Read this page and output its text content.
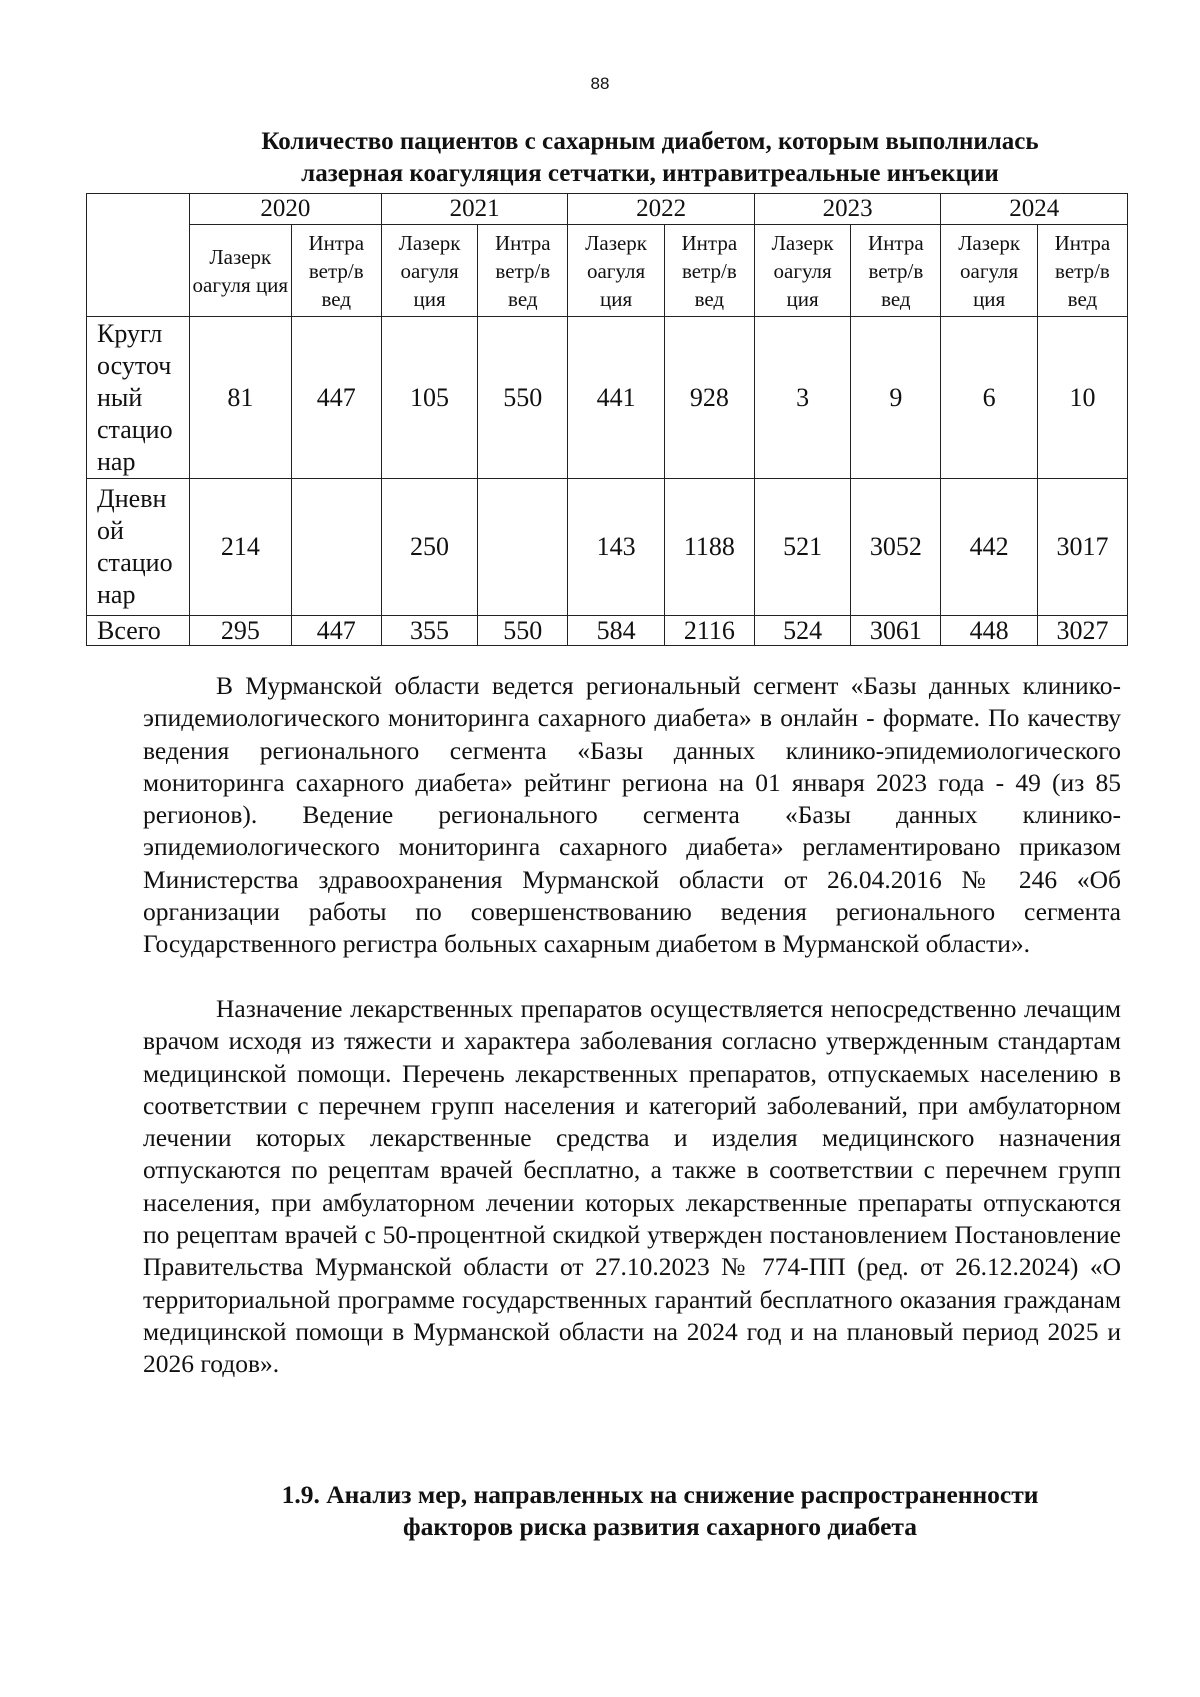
88
Количество пациентов с сахарным диабетом, которым выполнилась
лазерная коагуляция сетчатки, интравитреальные инъекции
	2020		2021		2022		2023		2024	
	Лазерк оагуля ция	Интра ветр/в вед	Лазерк оагуля ция	Интра ветр/в вед	Лазерк оагуля ция	Интра ветр/в вед	Лазерк оагуля ция	Интра ветр/в вед	Лазерк оагуля ция	Интра ветр/в вед
Кругл осуточ ный стацио нар	81	447	105	550	441	928	3	9	6	10
Дневн ой стацио нар	214		250		143	1188	521	3052	442	3017
Всего	295	447	355	550	584	2116	524	3061	448	3027

В Мурманской области ведется региональный сегмент «Базы данных клинико-эпидемиологического мониторинга сахарного диабета» в онлайн - формате. По качеству ведения регионального сегмента «Базы данных клинико-эпидемиологического мониторинга сахарного диабета» рейтинг региона на 01 января 2023 года - 49 (из 85 регионов). Ведение регионального сегмента «Базы данных клинико-эпидемиологического мониторинга сахарного диабета» регламентировано приказом Министерства здравоохранения Мурманской области от 26.04.2016 № 246 «Об организации работы по совершенствованию ведения регионального сегмента Государственного регистра больных сахарным диабетом в Мурманской области».

Назначение лекарственных препаратов осуществляется непосредственно лечащим врачом исходя из тяжести и характера заболевания согласно утвержденным стандартам медицинской помощи. Перечень лекарственных препаратов, отпускаемых населению в соответствии с перечнем групп населения и категорий заболеваний, при амбулаторном лечении которых лекарственные средства и изделия медицинского назначения отпускаются по рецептам врачей бесплатно, а также в соответствии с перечнем групп населения, при амбулаторном лечении которых лекарственные препараты отпускаются по рецептам врачей с 50-процентной скидкой утвержден постановлением Постановление Правительства Мурманской области от 27.10.2023 № 774-ПП (ред. от 26.12.2024) «О территориальной программе государственных гарантий бесплатного оказания гражданам медицинской помощи в Мурманской области на 2024 год и на плановый период 2025 и 2026 годов».

1.9. Анализ мер, направленных на снижение распространенности
факторов риска развития сахарного диабета
